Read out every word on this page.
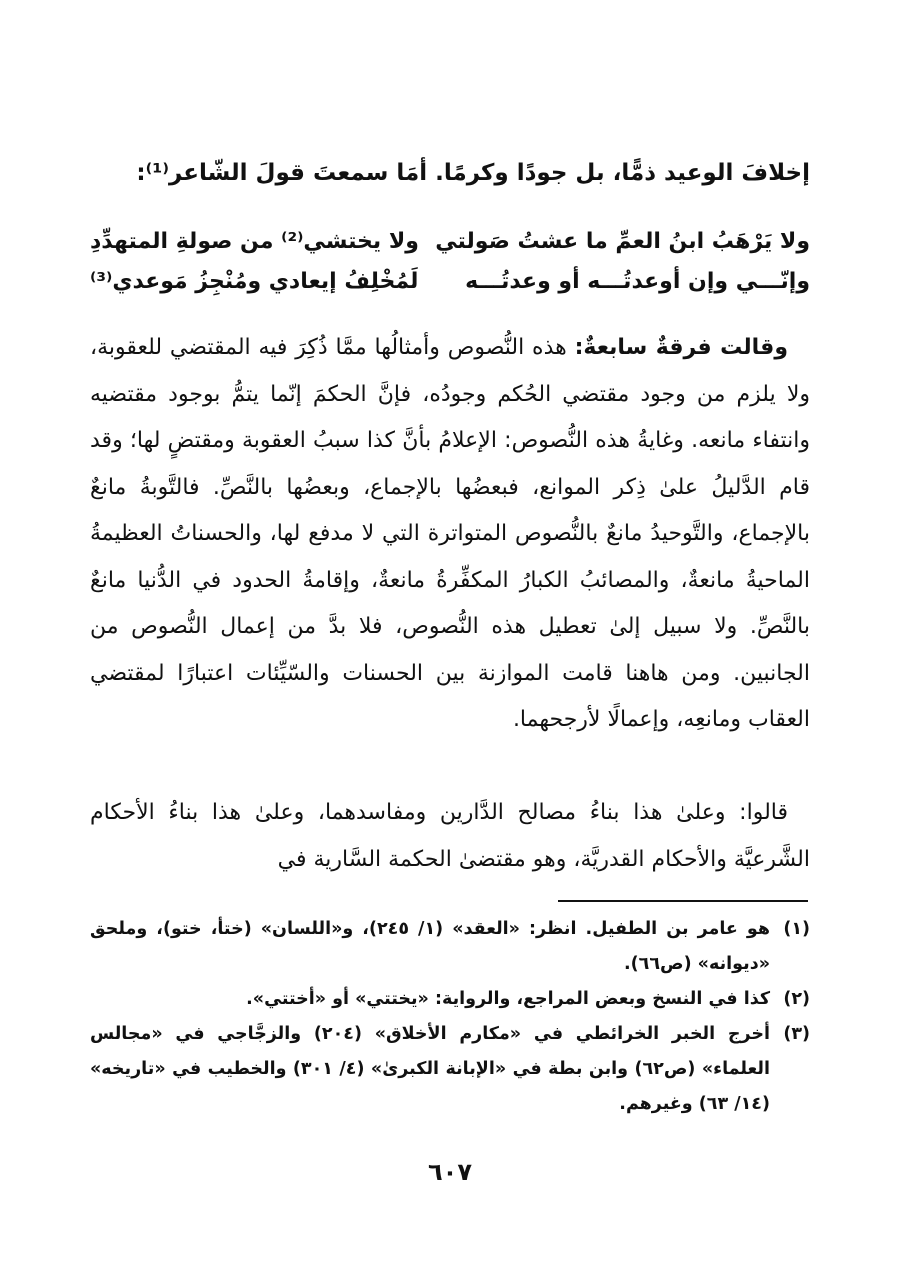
إخلافَ الوعيد ذمًّا، بل جودًا وكرمًا. أمَا سمعتَ قولَ الشّاعر⁽¹⁾:
ولا يَرْهَبُ ابنُ العمِّ ما عشتُ صَولتي
ولا يختشي⁽²⁾ من صولةِ المتهدِّدِ
وإنّـــي وإن أوعدتُـــه أو وعدتُـــه
لَمُخْلِفُ إيعادي ومُنْجِزُ مَوعدي⁽³⁾

وقالت فرقةٌ سابعةٌ: هذه النُّصوص وأمثالُها ممَّا ذُكِرَ فيه المقتضي للعقوبة، ولا يلزم من وجود مقتضي الحُكم وجودُه، فإنَّ الحكمَ إنّما يتمُّ بوجود مقتضيه وانتفاء مانعه. وغايةُ هذه النُّصوص: الإعلامُ بأنَّ كذا سببُ العقوبة ومقتضٍ لها؛ وقد قام الدَّليلُ علىٰ ذِكر الموانع، فبعضُها بالإجماع، وبعضُها بالنَّصِّ. فالتَّوبةُ مانعٌ بالإجماع، والتَّوحيدُ مانعٌ بالنُّصوص المتواترة التي لا مدفع لها، والحسناتُ العظيمةُ الماحيةُ مانعةٌ، والمصائبُ الكبارُ المكفِّرةُ مانعةٌ، وإقامةُ الحدود في الدُّنيا مانعٌ بالنَّصِّ. ولا سبيل إلىٰ تعطيل هذه النُّصوص، فلا بدَّ من إعمال النُّصوص من الجانبين. ومن هاهنا قامت الموازنة بين الحسنات والسّيِّئات اعتبارًا لمقتضي العقاب ومانعِه، وإعمالًا لأرجحهما.

قالوا: وعلىٰ هذا بناءُ مصالح الدَّارين ومفاسدهما، وعلىٰ هذا بناءُ الأحكام الشَّرعيَّة والأحكام القدريَّة، وهو مقتضىٰ الحكمة السَّارية في

(١)
هو عامر بن الطفيل. انظر: «العقد» (١/ ٢٤٥)، و«اللسان» (ختأ، ختو)، وملحق «ديوانه» (ص٦٦).
(٢)
كذا في النسخ وبعض المراجع، والرواية: «يختتي» أو «أختتي».
(٣)
أخرج الخبر الخرائطي في «مكارم الأخلاق» (٢٠٤) والزجَّاجي في «مجالس العلماء» (ص٦٢) وابن بطة في «الإبانة الكبرىٰ» (٤/ ٣٠١) والخطيب في «تاريخه» (١٤/ ٦٣) وغيرهم.
٦٠٧
